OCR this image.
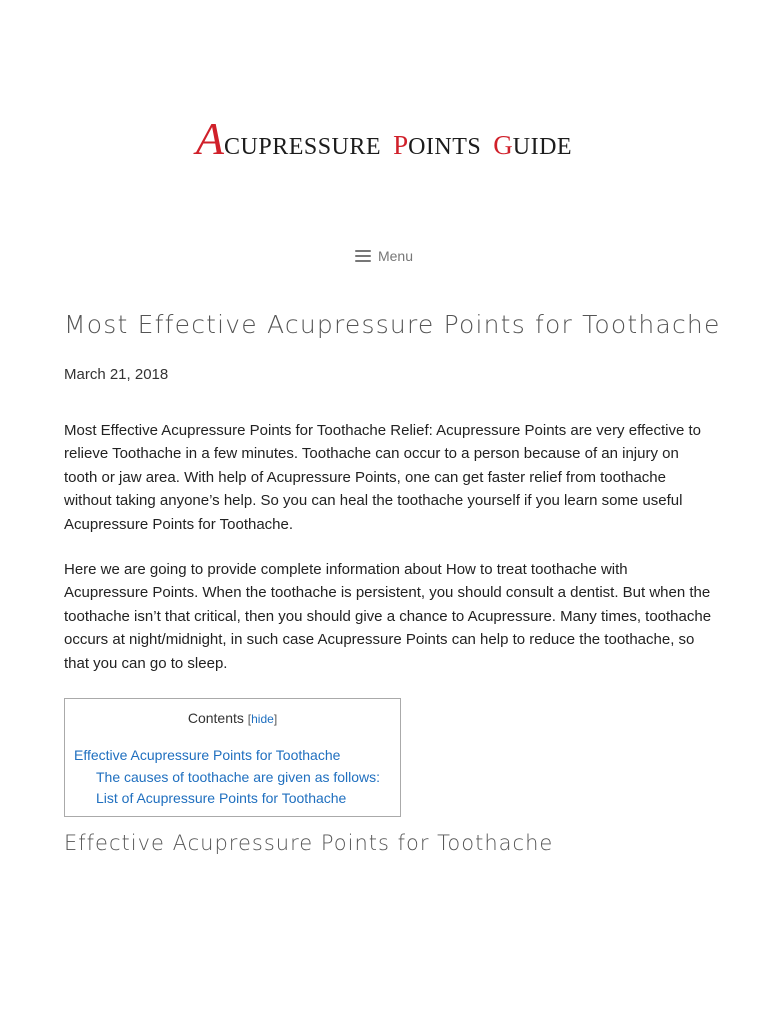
ACUPRESSURE POINTS GUIDE
Menu
Most Effective Acupressure Points for Toothache
March 21, 2018

Most Effective Acupressure Points for Toothache Relief: Acupressure Points are very effective to relieve Toothache in a few minutes. Toothache can occur to a person because of an injury on tooth or jaw area. With help of Acupressure Points, one can get faster relief from toothache without taking anyone’s help. So you can heal the toothache yourself if you learn some useful Acupressure Points for Toothache.

Here we are going to provide complete information about How to treat toothache with Acupressure Points. When the toothache is persistent, you should consult a dentist. But when the toothache isn’t that critical, then you should give a chance to Acupressure. Many times, toothache occurs at night/midnight, in such case Acupressure Points can help to reduce the toothache, so that you can go to sleep.

Contents [hide]
Effective Acupressure Points for Toothache
The causes of toothache are given as follows:
List of Acupressure Points for Toothache
Effective Acupressure Points for Toothache
